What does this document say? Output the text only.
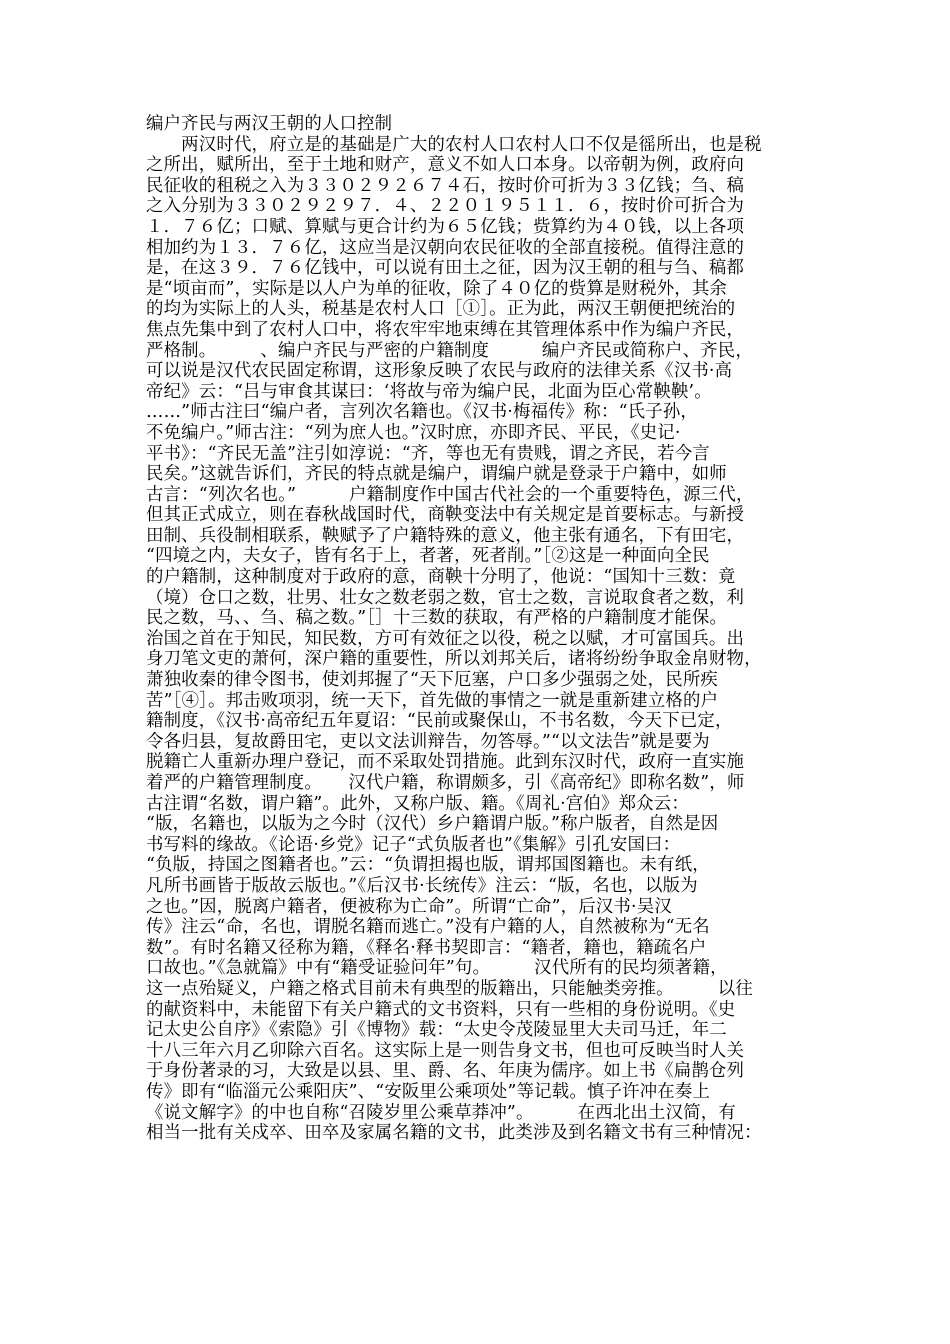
编户齐民与两汉王朝的人口控制
　　两汉时代，府立是的基础是广大的农村人口农村人口不仅是徭所出，也是税
之所出，赋所出，至于土地和财产，意义不如人口本身。以帝朝为例，政府向
民征收的租税之入为３３０２９２６７４石，按时价可折为３３亿钱；刍、稿
之入分别为３３０２９２９７．４、２２０１９５１１．６，按时价可折合为
１．７６亿；口赋、算赋与更合计约为６５亿钱；赀算约为４０钱，以上各项
相加约为１３．７６亿，这应当是汉朝向农民征收的全部直接税。值得注意的
是，在这３９．７６亿钱中，可以说有田土之征，因为汉王朝的租与刍、稿都
是“顷亩而”，实际是以人户为单的征收，除了４０亿的赀算是财税外，其余
的均为实际上的人头，税基是农村人口［①］。正为此，两汉王朝便把统治的
焦点先集中到了农村人口中，将农牢牢地束缚在其管理体系中作为编户齐民，
严格制。　　　、编户齐民与严密的户籍制度　　　编户齐民或简称户、齐民，
可以说是汉代农民固定称谓，这形象反映了农民与政府的法律关系《汉书·高
帝纪》云：“吕与审食其谋曰：‘将故与帝为编户民，北面为臣心常鞅鞅’。
……”师古注曰“编户者，言列次名籍也。《汉书·梅福传》称：“氏子孙，
不免编户。”师古注：“列为庶人也。”汉时庶，亦即齐民、平民，《史记·
平书》：“齐民无盖”注引如淳说：“齐，等也无有贵贱，谓之齐民，若今言
民矣。”这就告诉们，齐民的特点就是编户，谓编户就是登录于户籍中，如师
古言：“列次名也。”　　　户籍制度作中国古代社会的一个重要特色，源三代，
但其正式成立，则在春秋战国时代，商鞅变法中有关规定是首要标志。与新授
田制、兵役制相联系，鞅赋予了户籍特殊的意义，他主张有通名，下有田宅，
“四境之内，夫女子，皆有名于上，者著，死者削。”［②这是一种面向全民
的户籍制，这种制度对于政府的意，商鞅十分明了，他说：“国知十三数：竟
（境）仓口之数，壮男、壮女之数老弱之数，官士之数，言说取食者之数，利
民之数，马、、刍、稿之数。”［］十三数的获取，有严格的户籍制度才能保。
治国之首在于知民，知民数，方可有效征之以役，税之以赋，才可富国兵。出
身刀笔文吏的萧何，深户籍的重要性，所以刘邦关后，诸将纷纷争取金帛财物，
萧独收秦的律令图书，使刘邦握了“天下厄塞，户口多少强弱之处，民所疾
苦”［④］。邦击败项羽，统一天下，首先做的事情之一就是重新建立格的户
籍制度，《汉书·高帝纪五年夏诏：“民前或聚保山，不书名数，今天下已定，
令各归县，复故爵田宅，吏以文法训辩告，勿答辱。”“以文法告”就是要为
脱籍亡人重新办理户登记，而不采取处罚措施。此到东汉时代，政府一直实施
着严的户籍管理制度。　　汉代户籍，称谓颇多，引《高帝纪》即称名数”，师
古注谓“名数，谓户籍”。此外，又称户版、籍。《周礼·宫伯》郑众云：
“版，名籍也，以版为之今时（汉代）乡户籍谓户版。”称户版者，自然是因
书写料的缘故。《论语·乡党》记子“式负版者也”《集解》引孔安国曰：
“负版，持国之图籍者也。”云：“负谓担揭也版，谓邦国图籍也。未有纸，
凡所书画皆于版故云版也。”《后汉书·长统传》注云：“版，名也，以版为
之也。”因，脱离户籍者，便被称为亡命”。所谓“亡命”，后汉书·吴汉
传》注云“命，名也，谓脱名籍而逃亡。”没有户籍的人，自然被称为“无名
数”。有时名籍又径称为籍，《释名·释书契即言：“籍者，籍也，籍疏名户
口故也。”《急就篇》中有“籍受证验问年”句。　　　汉代所有的民均须著籍，
这一点殆疑义，户籍之格式目前未有典型的版籍出，只能触类旁推。　　　以往
的献资料中，未能留下有关户籍式的文书资料，只有一些相的身份说明。《史
记太史公自序》《索隐》引《博物》载：“太史令茂陵显里大夫司马迁，年二
十八三年六月乙卯除六百名。这实际上是一则告身文书，但也可反映当时人关
于身份著录的习，大致是以县、里、爵、名、年庚为儒序。如上书《扁鹊仓列
传》即有“临淄元公乘阳庆”、“安阪里公乘项处”等记载。慎子许冲在奏上
《说文解字》的中也自称“召陵岁里公乘草莽冲”。　　　在西北出土汉简，有
相当一批有关戍卒、田卒及家属名籍的文书，此类涉及到名籍文书有三种情况：
